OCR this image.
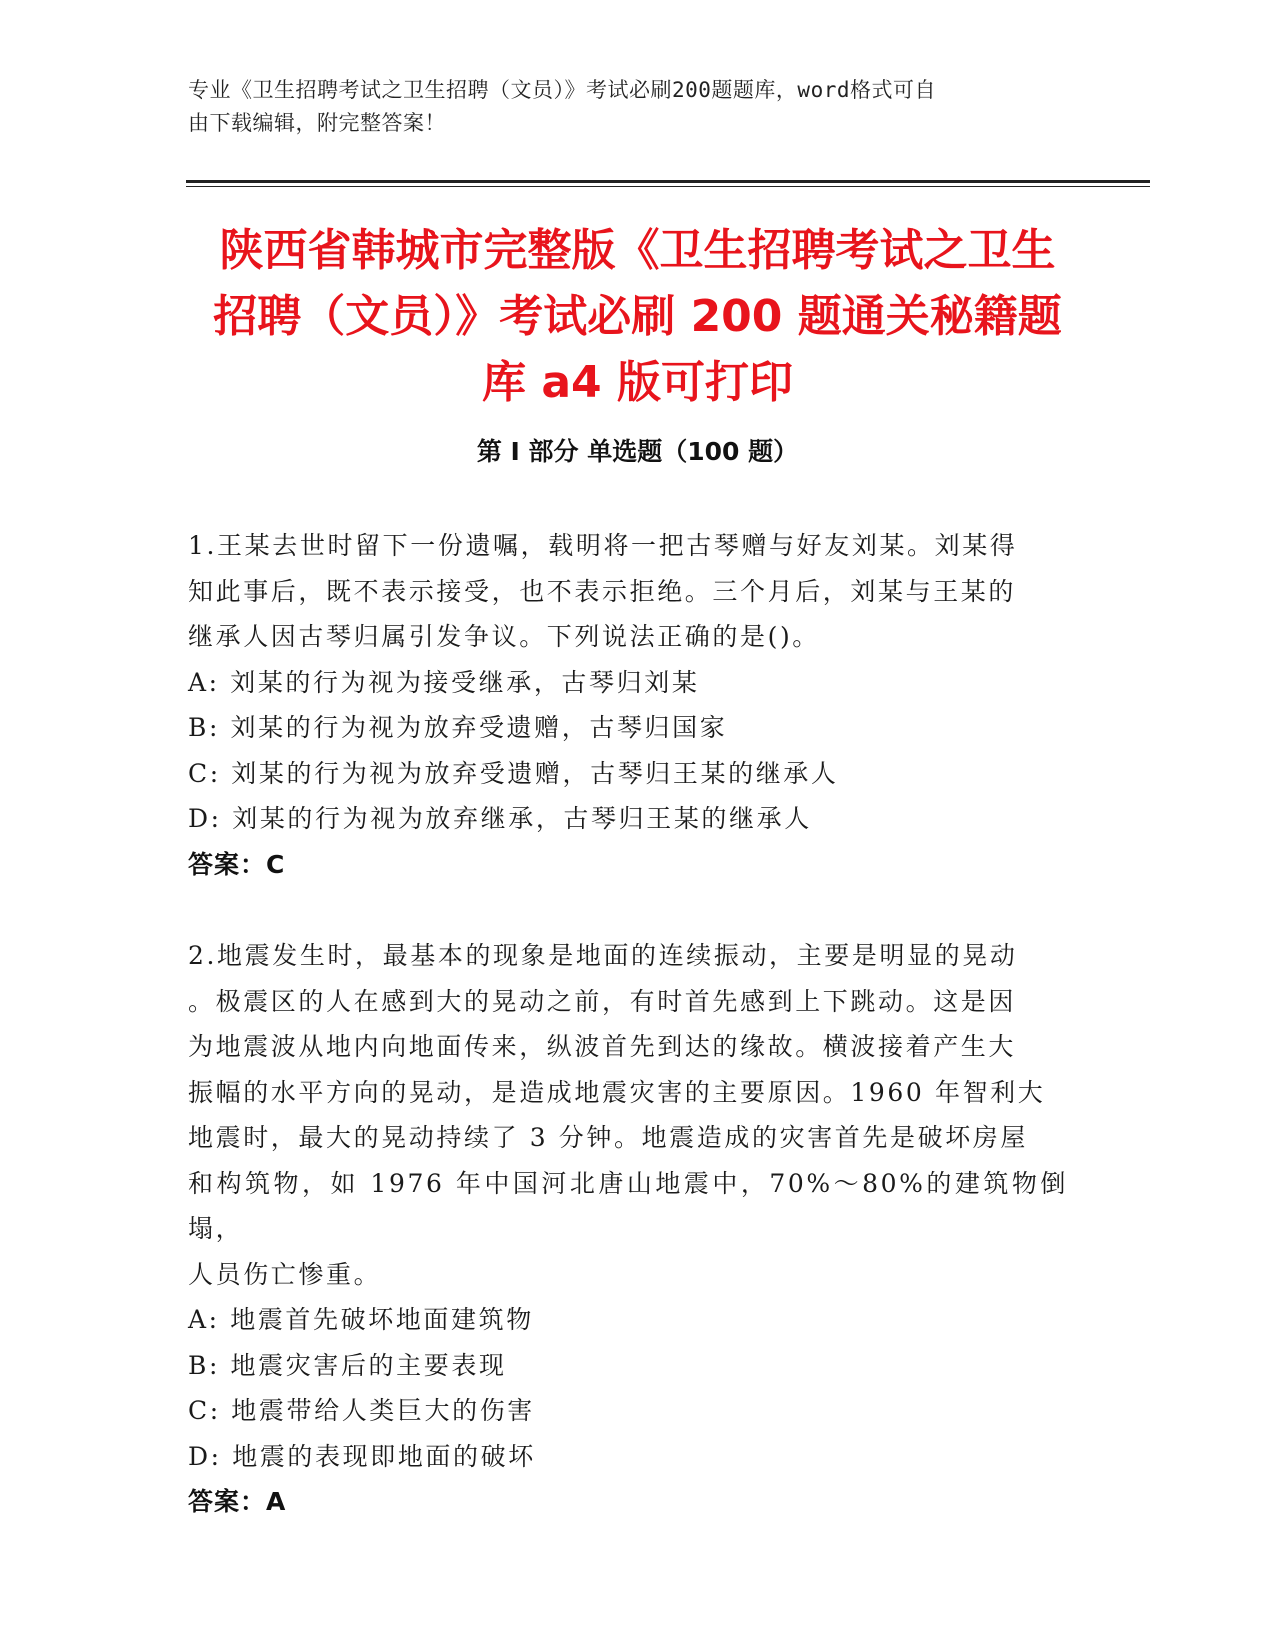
专业《卫生招聘考试之卫生招聘（文员）》考试必刷200题题库，word格式可自
由下载编辑，附完整答案！
陕西省韩城市完整版《卫生招聘考试之卫生
招聘（文员）》考试必刷 200 题通关秘籍题
库 a4 版可打印
第 I 部分 单选题（100 题）
1.王某去世时留下一份遗嘱，载明将一把古琴赠与好友刘某。刘某得
知此事后，既不表示接受，也不表示拒绝。三个月后，刘某与王某的
继承人因古琴归属引发争议。下列说法正确的是()。
A: 刘某的行为视为接受继承，古琴归刘某
B: 刘某的行为视为放弃受遗赠，古琴归国家
C: 刘某的行为视为放弃受遗赠，古琴归王某的继承人
D: 刘某的行为视为放弃继承，古琴归王某的继承人
答案：C
2.地震发生时，最基本的现象是地面的连续振动，主要是明显的晃动
。极震区的人在感到大的晃动之前，有时首先感到上下跳动。这是因
为地震波从地内向地面传来，纵波首先到达的缘故。横波接着产生大
振幅的水平方向的晃动，是造成地震灾害的主要原因。1960 年智利大
地震时，最大的晃动持续了 3 分钟。地震造成的灾害首先是破坏房屋
和构筑物，如 1976 年中国河北唐山地震中，70%～80%的建筑物倒塌，
人员伤亡惨重。
A: 地震首先破坏地面建筑物
B: 地震灾害后的主要表现
C: 地震带给人类巨大的伤害
D: 地震的表现即地面的破坏
答案：A
